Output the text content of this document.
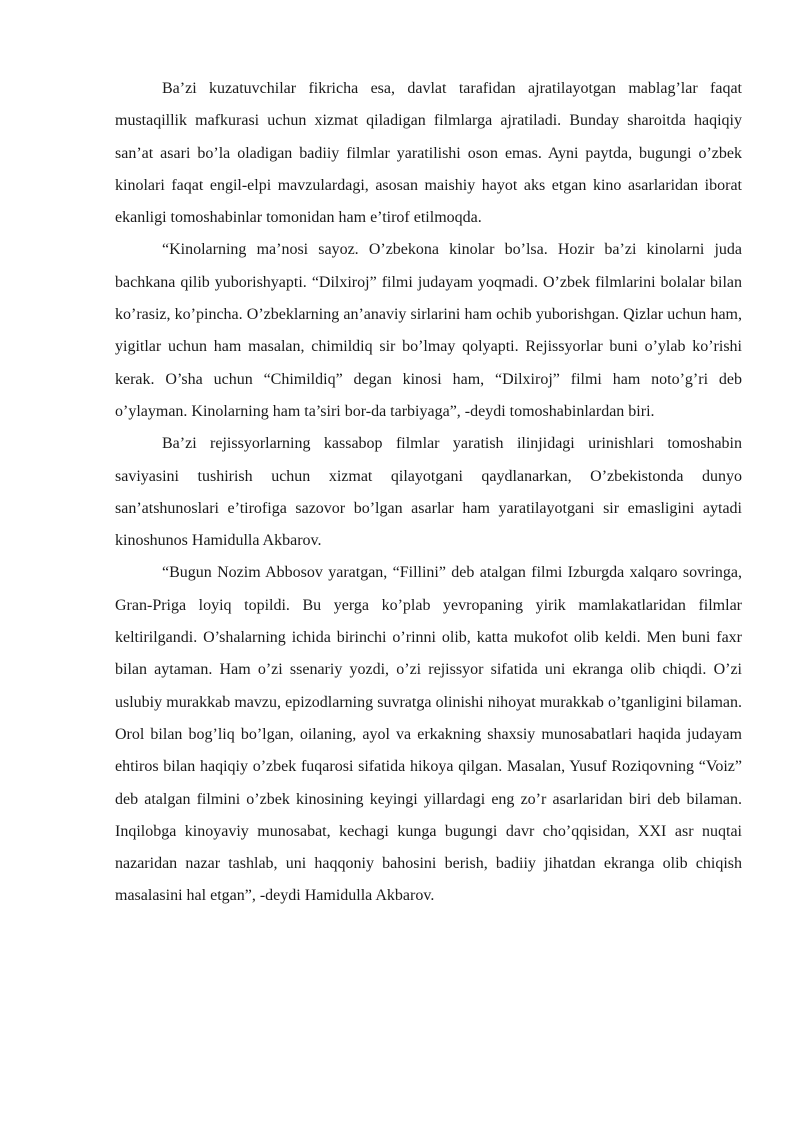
Ba’zi kuzatuvchilar fikricha esa, davlat tarafidan ajratilayotgan mablag’lar faqat mustaqillik mafkurasi uchun xizmat qiladigan filmlarga ajratiladi. Bunday sharoitda haqiqiy san’at asari bo’la oladigan badiiy filmlar yaratilishi oson emas. Ayni paytda, bugungi o’zbek kinolari faqat engil-elpi mavzulardagi, asosan maishiy hayot aks etgan kino asarlaridan iborat ekanligi tomoshabinlar tomonidan ham e’tirof etilmoqda.

“Kinolarning ma’nosi sayoz. O’zbekona kinolar bo’lsa. Hozir ba’zi kinolarni juda bachkana qilib yuborishyapti. “Dilxiroj” filmi judayam yoqmadi. O’zbek filmlarini bolalar bilan ko’rasiz, ko’pincha. O’zbeklarning an’anaviy sirlarini ham ochib yuborishgan. Qizlar uchun ham, yigitlar uchun ham masalan, chimildiq sir bo’lmay qolyapti. Rejissyorlar buni o’ylab ko’rishi kerak. O’sha uchun “Chimildiq” degan kinosi ham, “Dilxiroj” filmi ham noto’g’ri deb o’ylayman. Kinolarning ham ta’siri bor-da tarbiyaga”, -deydi tomoshabinlardan biri.

Ba’zi rejissyorlarning kassabop filmlar yaratish ilinjidagi urinishlari tomoshabin saviyasini tushirish uchun xizmat qilayotgani qaydlanarkan, O’zbekistonda dunyo san’atshunoslari e’tirofiga sazovor bo’lgan asarlar ham yaratilayotgani sir emasligini aytadi kinoshunos Hamidulla Akbarov.

“Bugun Nozim Abbosov yaratgan, “Fillini” deb atalgan filmi Izburgda xalqaro sovringa, Gran-Priga loyiq topildi. Bu yerga ko’plab yevropaning yirik mamlakatlaridan filmlar keltirilgandi. O’shalarning ichida birinchi o’rinni olib, katta mukofot olib keldi. Men buni faxr bilan aytaman. Ham o’zi ssenariy yozdi, o’zi rejissyor sifatida uni ekranga olib chiqdi. O’zi uslubiy murakkab mavzu, epizodlarning suvratga olinishi nihoyat murakkab o’tganligini bilaman. Orol bilan bog’liq bo’lgan, oilaning, ayol va erkakning shaxsiy munosabatlari haqida judayam ehtiros bilan haqiqiy o’zbek fuqarosi sifatida hikoya qilgan. Masalan, Yusuf Roziqovning “Voiz” deb atalgan filmini o’zbek kinosining keyingi yillardagi eng zo’r asarlaridan biri deb bilaman. Inqilobga kinoyaviy munosabat, kechagi kunga bugungi davr cho’qqisidan, XXI asr nuqtai nazaridan nazar tashlab, uni haqqoniy bahosini berish, badiiy jihatdan ekranga olib chiqish masalasini hal etgan”, -deydi Hamidulla Akbarov.
